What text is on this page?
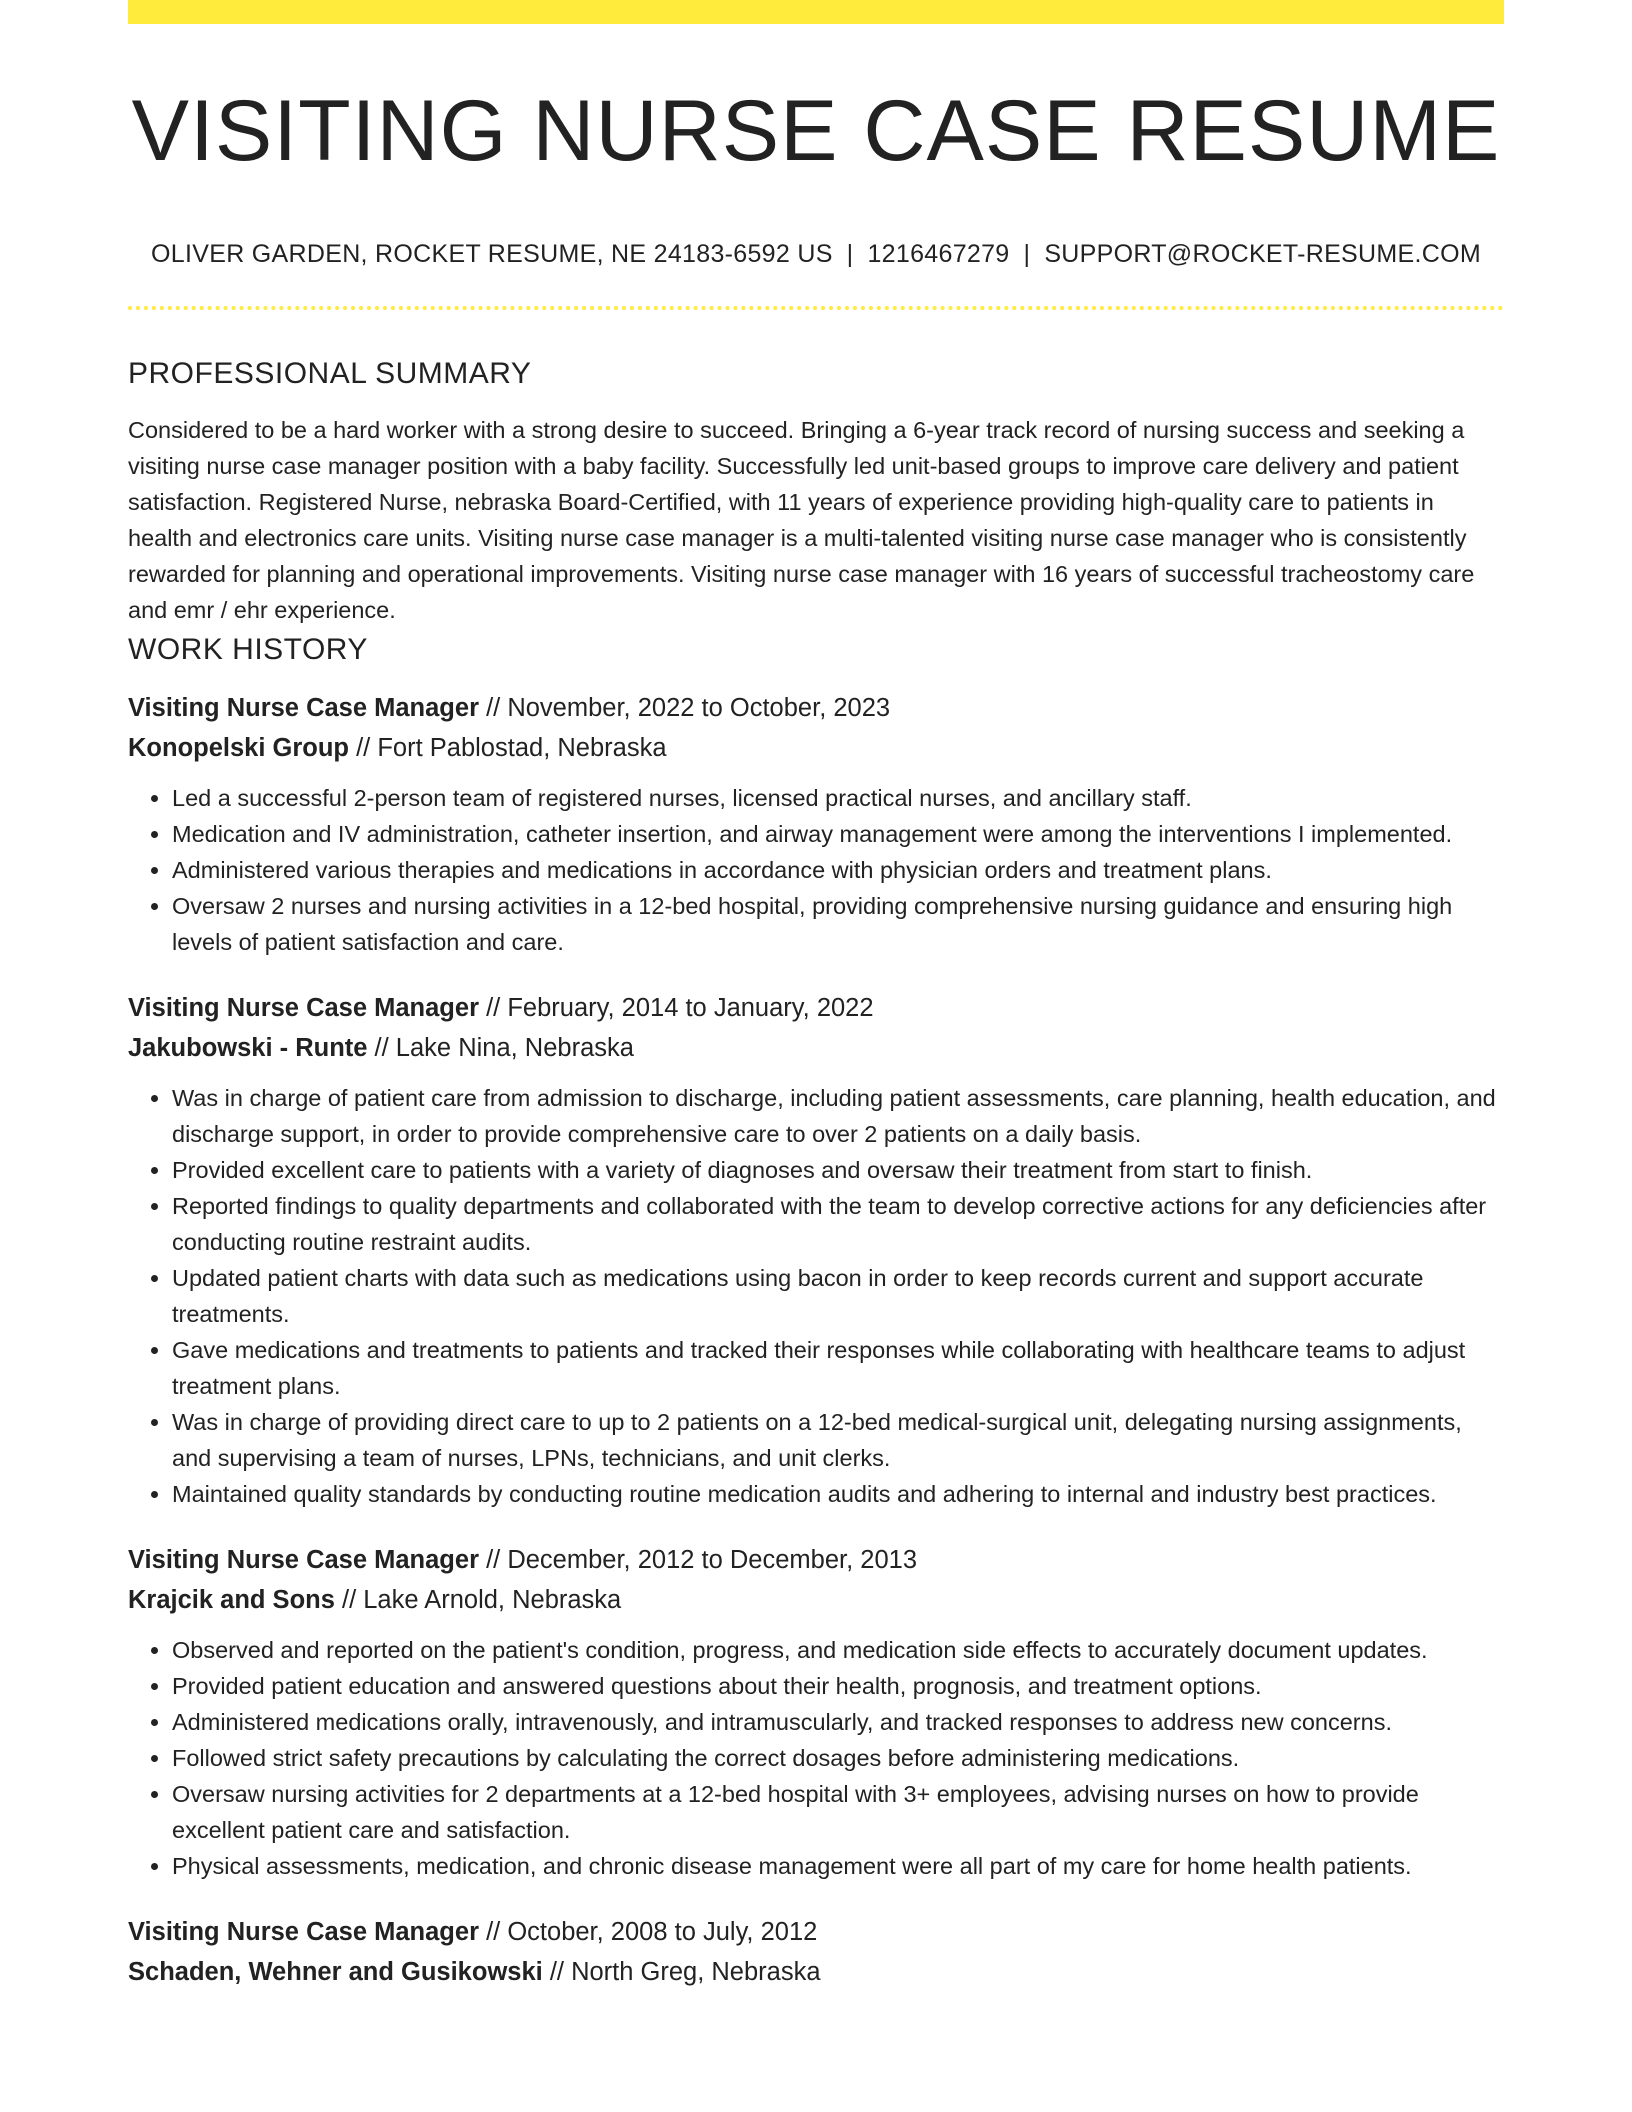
VISITING NURSE CASE RESUME
OLIVER GARDEN, ROCKET RESUME, NE 24183-6592 US | 1216467279 | SUPPORT@ROCKET-RESUME.COM
PROFESSIONAL SUMMARY

Considered to be a hard worker with a strong desire to succeed. Bringing a 6-year track record of nursing success and seeking a visiting nurse case manager position with a baby facility. Successfully led unit-based groups to improve care delivery and patient satisfaction. Registered Nurse, nebraska Board-Certified, with 11 years of experience providing high-quality care to patients in health and electronics care units. Visiting nurse case manager is a multi-talented visiting nurse case manager who is consistently rewarded for planning and operational improvements. Visiting nurse case manager with 16 years of successful tracheostomy care and emr / ehr experience.

WORK HISTORY
Visiting Nurse Case Manager // November, 2022 to October, 2023
Konopelski Group // Fort Pablostad, Nebraska
• Led a successful 2-person team of registered nurses, licensed practical nurses, and ancillary staff.
• Medication and IV administration, catheter insertion, and airway management were among the interventions I implemented.
• Administered various therapies and medications in accordance with physician orders and treatment plans.
• Oversaw 2 nurses and nursing activities in a 12-bed hospital, providing comprehensive nursing guidance and ensuring high levels of patient satisfaction and care.
Visiting Nurse Case Manager // February, 2014 to January, 2022
Jakubowski - Runte // Lake Nina, Nebraska
• Was in charge of patient care from admission to discharge, including patient assessments, care planning, health education, and discharge support, in order to provide comprehensive care to over 2 patients on a daily basis.
• Provided excellent care to patients with a variety of diagnoses and oversaw their treatment from start to finish.
• Reported findings to quality departments and collaborated with the team to develop corrective actions for any deficiencies after conducting routine restraint audits.
• Updated patient charts with data such as medications using bacon in order to keep records current and support accurate treatments.
• Gave medications and treatments to patients and tracked their responses while collaborating with healthcare teams to adjust treatment plans.
• Was in charge of providing direct care to up to 2 patients on a 12-bed medical-surgical unit, delegating nursing assignments, and supervising a team of nurses, LPNs, technicians, and unit clerks.
• Maintained quality standards by conducting routine medication audits and adhering to internal and industry best practices.
Visiting Nurse Case Manager // December, 2012 to December, 2013
Krajcik and Sons // Lake Arnold, Nebraska
• Observed and reported on the patient's condition, progress, and medication side effects to accurately document updates.
• Provided patient education and answered questions about their health, prognosis, and treatment options.
• Administered medications orally, intravenously, and intramuscularly, and tracked responses to address new concerns.
• Followed strict safety precautions by calculating the correct dosages before administering medications.
• Oversaw nursing activities for 2 departments at a 12-bed hospital with 3+ employees, advising nurses on how to provide excellent patient care and satisfaction.
• Physical assessments, medication, and chronic disease management were all part of my care for home health patients.
Visiting Nurse Case Manager // October, 2008 to July, 2012
Schaden, Wehner and Gusikowski // North Greg, Nebraska
